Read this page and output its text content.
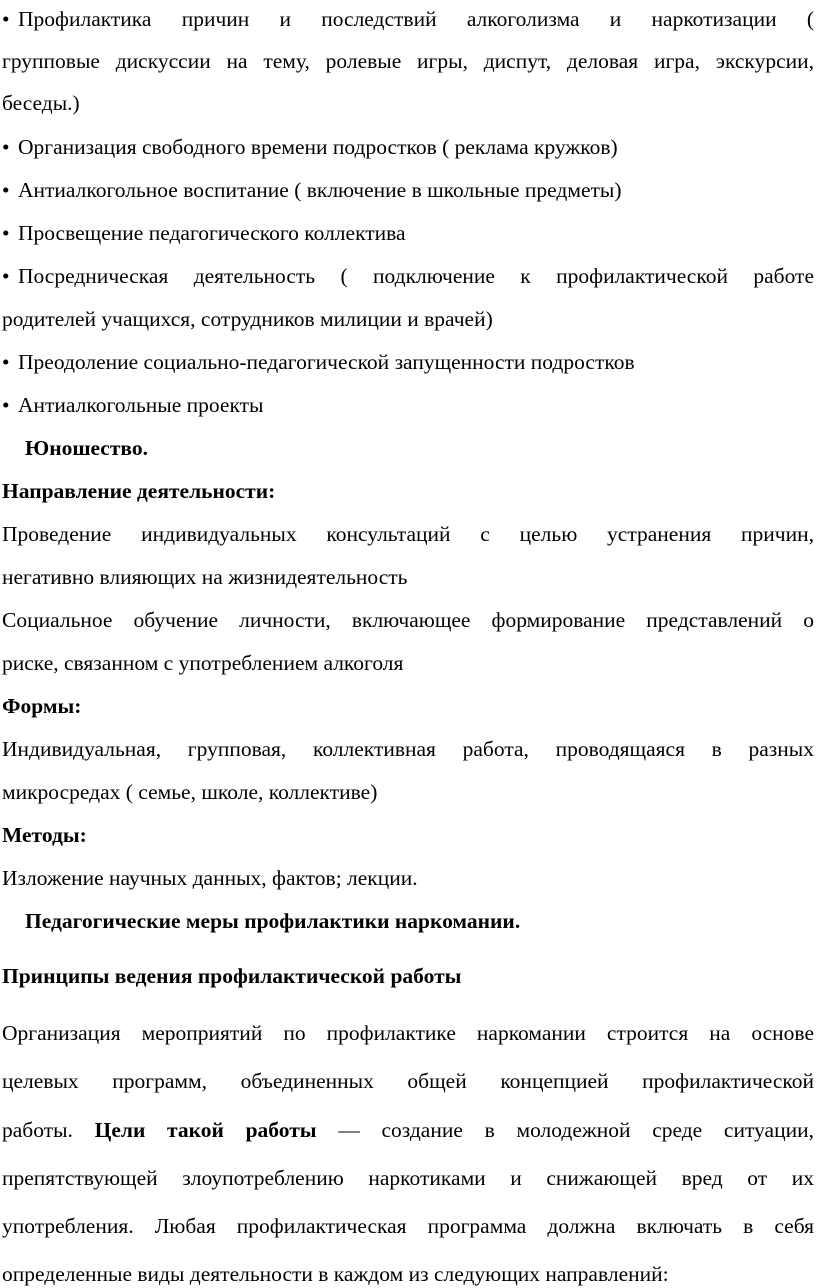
• Профилактика причин и последствий алкоголизма и наркотизации (
групповые дискуссии на тему, ролевые игры, диспут, деловая игра, экскурсии,
беседы.)
• Организация свободного времени подростков ( реклама кружков)
• Антиалкогольное воспитание ( включение в школьные предметы)
• Просвещение педагогического коллектива
• Посредническая деятельность ( подключение к профилактической работе
родителей учащихся, сотрудников милиции и врачей)
• Преодоление социально-педагогической запущенности подростков
• Антиалкогольные проекты
Юношество.
Направление деятельности:
Проведение индивидуальных консультаций с целью устранения причин,
негативно влияющих на жизнидеятельность
Социальное обучение личности, включающее формирование представлений о
риске, связанном с употреблением алкоголя
Формы:
Индивидуальная, групповая, коллективная работа, проводящаяся в разных
микросредах ( семье, школе, коллективе)
Методы:
Изложение научных данных, фактов; лекции.
Педагогические меры профилактики наркомании.
Принципы ведения профилактической работы
Организация мероприятий по профилактике наркомании строится на основе
целевых программ, объединенных общей концепцией профилактической
работы. Цели такой работы — создание в молодежной среде ситуации,
препятствующей злоупотреблению наркотиками и снижающей вред от их
употребления. Любая профилактическая программа должна включать в себя
определенные виды деятельности в каждом из следующих направлений:
